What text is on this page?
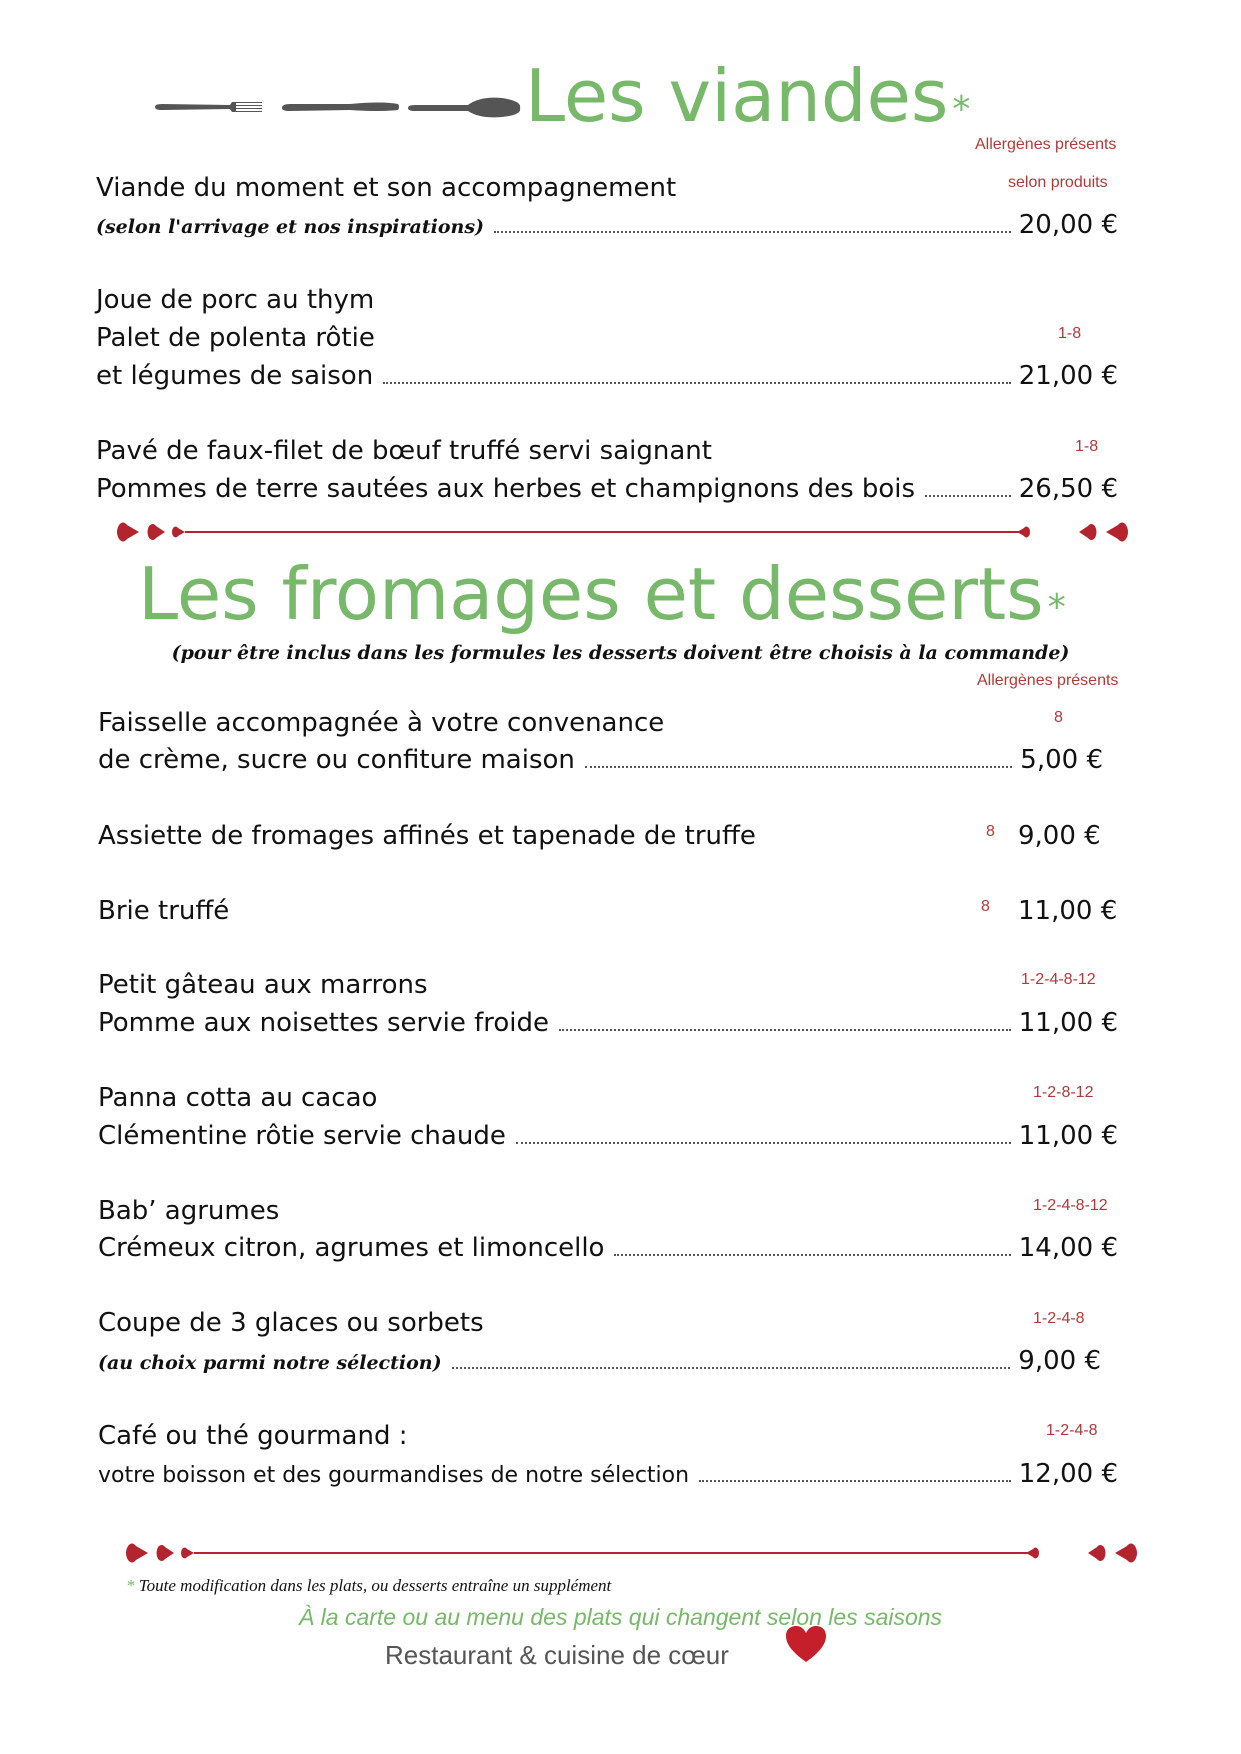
Les viandes *
Allergènes présents
selon produits
Viande du moment et son accompagnement
(selon l'arrivage et nos inspirations)	20,00 €
Joue de porc au thym
Palet de polenta rôtie	1-8
et légumes de saison	21,00 €
Pavé de faux-filet de bœuf truffé servi saignant	1-8
Pommes de terre sautées aux herbes et champignons des bois	26,50 €
Les fromages et desserts *
(pour être inclus dans les formules les desserts doivent être choisis à la commande)
Allergènes présents
Faisselle accompagnée à votre convenance	8
de crème, sucre ou confiture maison	5,00 €
Assiette de fromages affinés et tapenade de truffe	8 9,00 €
Brie truffé	8 11,00 €
Petit gâteau aux marrons	1-2-4-8-12
Pomme aux noisettes servie froide	11,00 €
Panna cotta au cacao	1-2-8-12
Clémentine rôtie servie chaude	11,00 €
Bab’ agrumes	1-2-4-8-12
Crémeux citron, agrumes et limoncello	14,00 €
Coupe de 3 glaces ou sorbets	1-2-4-8
(au choix parmi notre sélection)	9,00 €
Café ou thé gourmand :	1-2-4-8
votre boisson et des gourmandises de notre sélection	12,00 €
* Toute modification dans les plats, ou desserts entraîne un supplément
À la carte ou au menu des plats qui changent selon les saisons
Restaurant & cuisine de cœur
